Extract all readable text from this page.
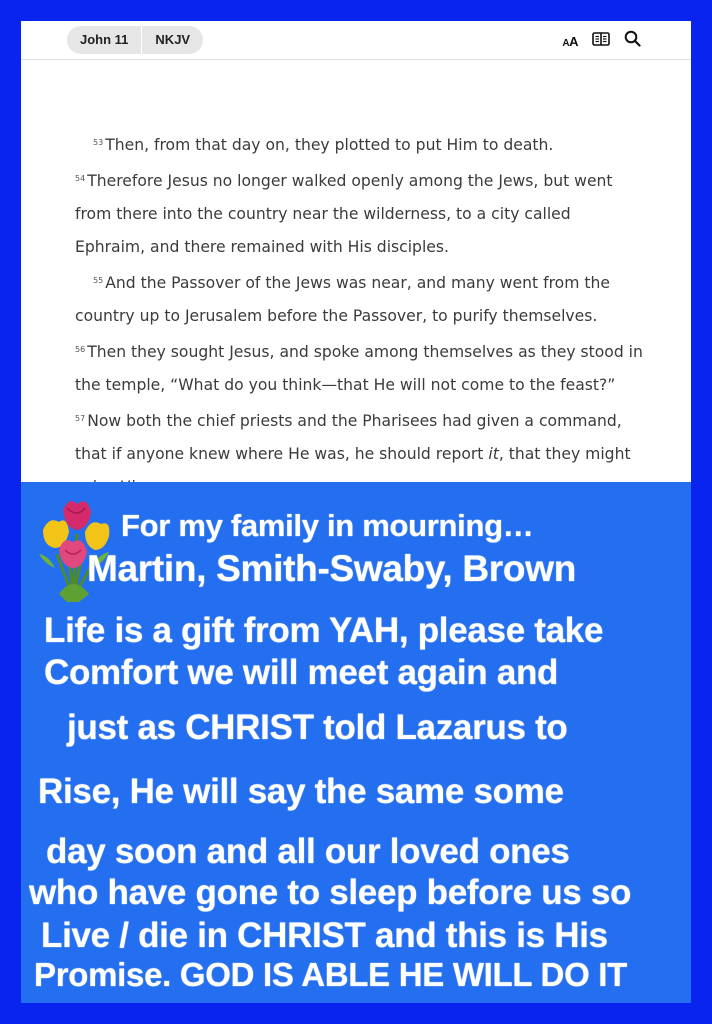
John 11	NKJV	AA

$^{53}$ Then, from that day on, they plotted to put Him to death.

$^{54}$ Therefore Jesus no longer walked openly among the Jews, but went from there into the country near the wilderness, to a city called Ephraim, and there remained with His disciples.

$^{55}$ And the Passover of the Jews was near, and many went from the country up to Jerusalem before the Passover, to purify themselves.

$^{56}$ Then they sought Jesus, and spoke among themselves as they stood in the temple, “What do you think—that He will not come to the feast?” $^{57}$ Now both the chief priests and the Pharisees had given a command, that if anyone knew where He was, he should report it, that they might

For my family in mourning…
Martin, Smith-Swaby, Brown
Life is a gift from YAH, please take
Comfort we will meet again and
just as CHRIST told Lazarus to
Rise, He will say the same some
day soon and all our loved ones
who have gone to sleep before us so
Live / die in CHRIST and this is His
Promise. GOD IS ABLE HE WILL DO IT
